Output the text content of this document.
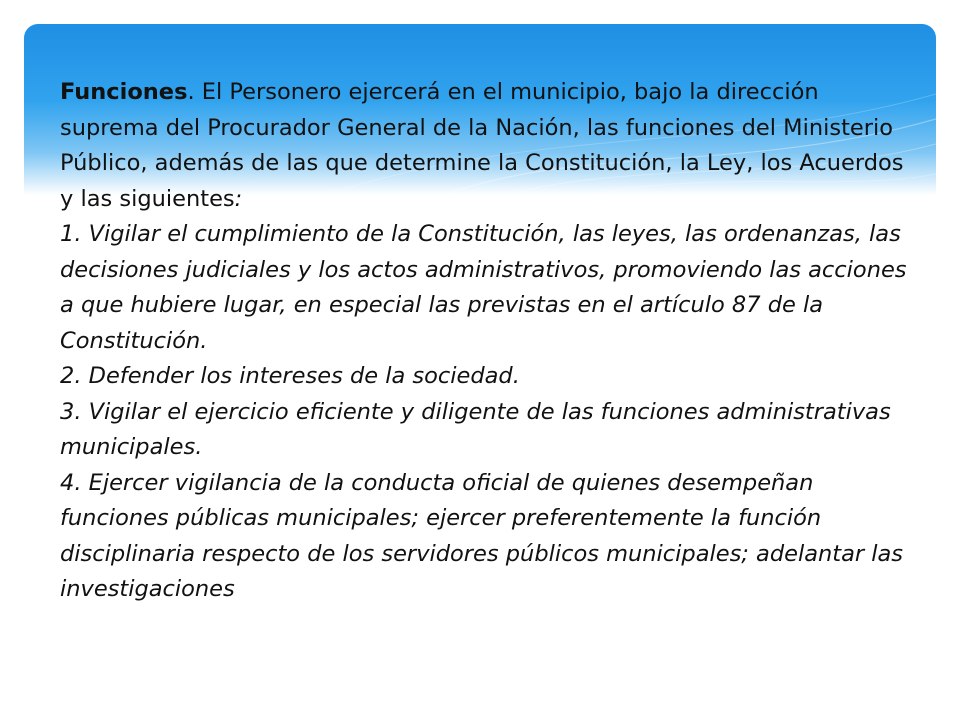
Funciones. El Personero ejercerá en el municipio, bajo la dirección suprema del Procurador General de la Nación, las funciones del Ministerio Público, además de las que determine la Constitución, la Ley, los Acuerdos y las siguientes:

1. Vigilar el cumplimiento de la Constitución, las leyes, las ordenanzas, las decisiones judiciales y los actos administrativos, promoviendo las acciones a que hubiere lugar, en especial las previstas en el artículo 87 de la Constitución.

2. Defender los intereses de la sociedad.

3. Vigilar el ejercicio eficiente y diligente de las funciones administrativas municipales.

4. Ejercer vigilancia de la conducta oficial de quienes desempeñan funciones públicas municipales; ejercer preferentemente la función disciplinaria respecto de los servidores públicos municipales; adelantar las investigaciones
